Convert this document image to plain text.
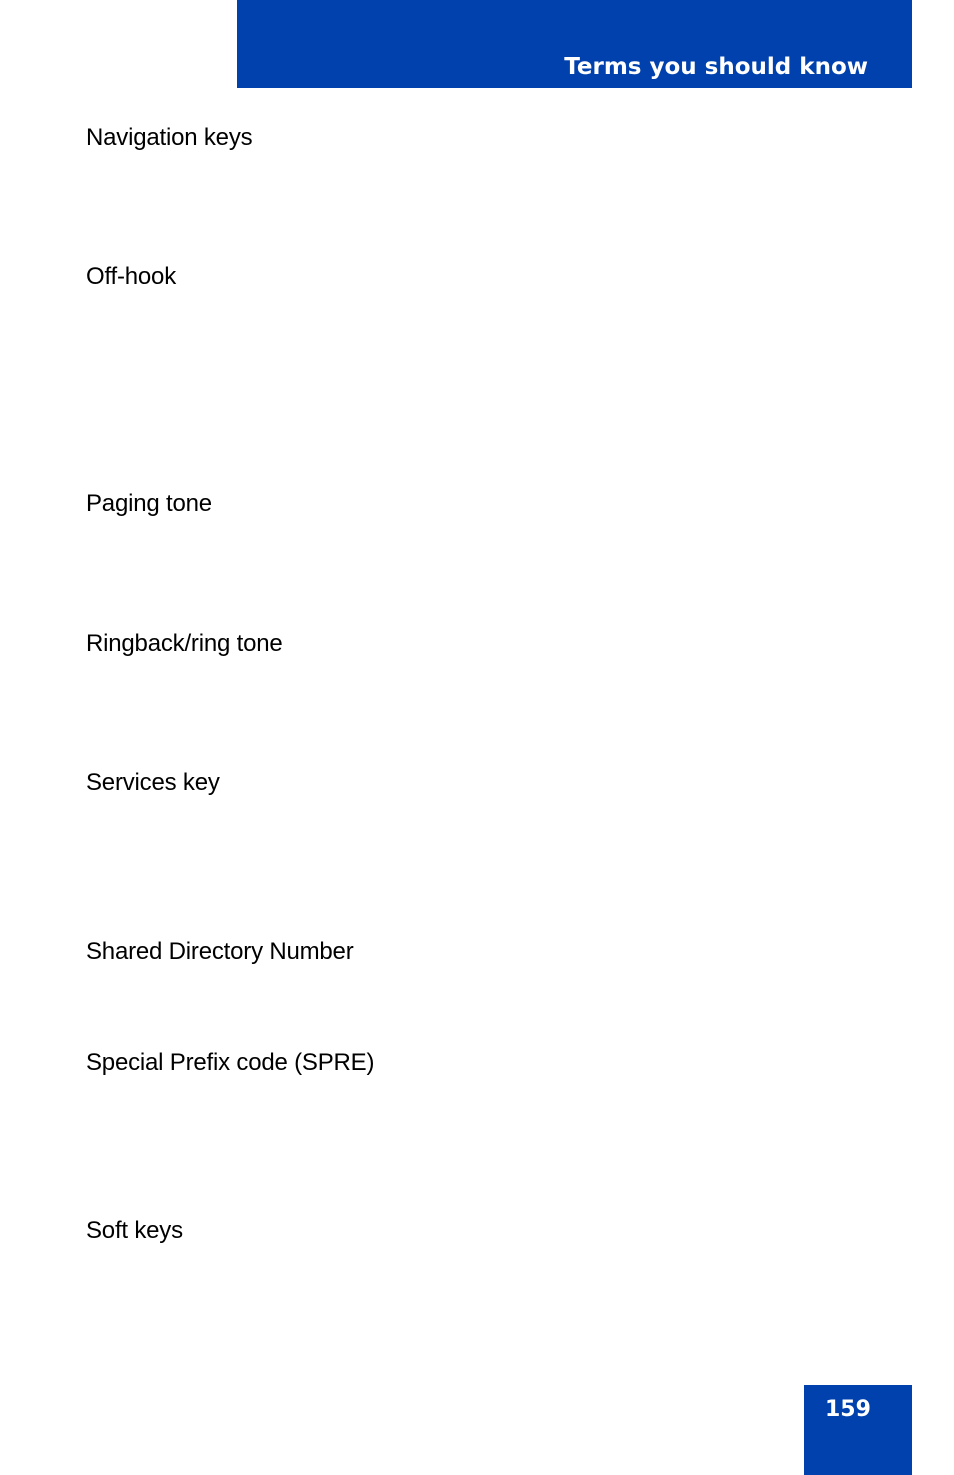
Terms you should know
Navigation keys
Off-hook
Paging tone
Ringback/ring tone
Services key
Shared Directory Number
Special Prefix code (SPRE)
Soft keys
159
